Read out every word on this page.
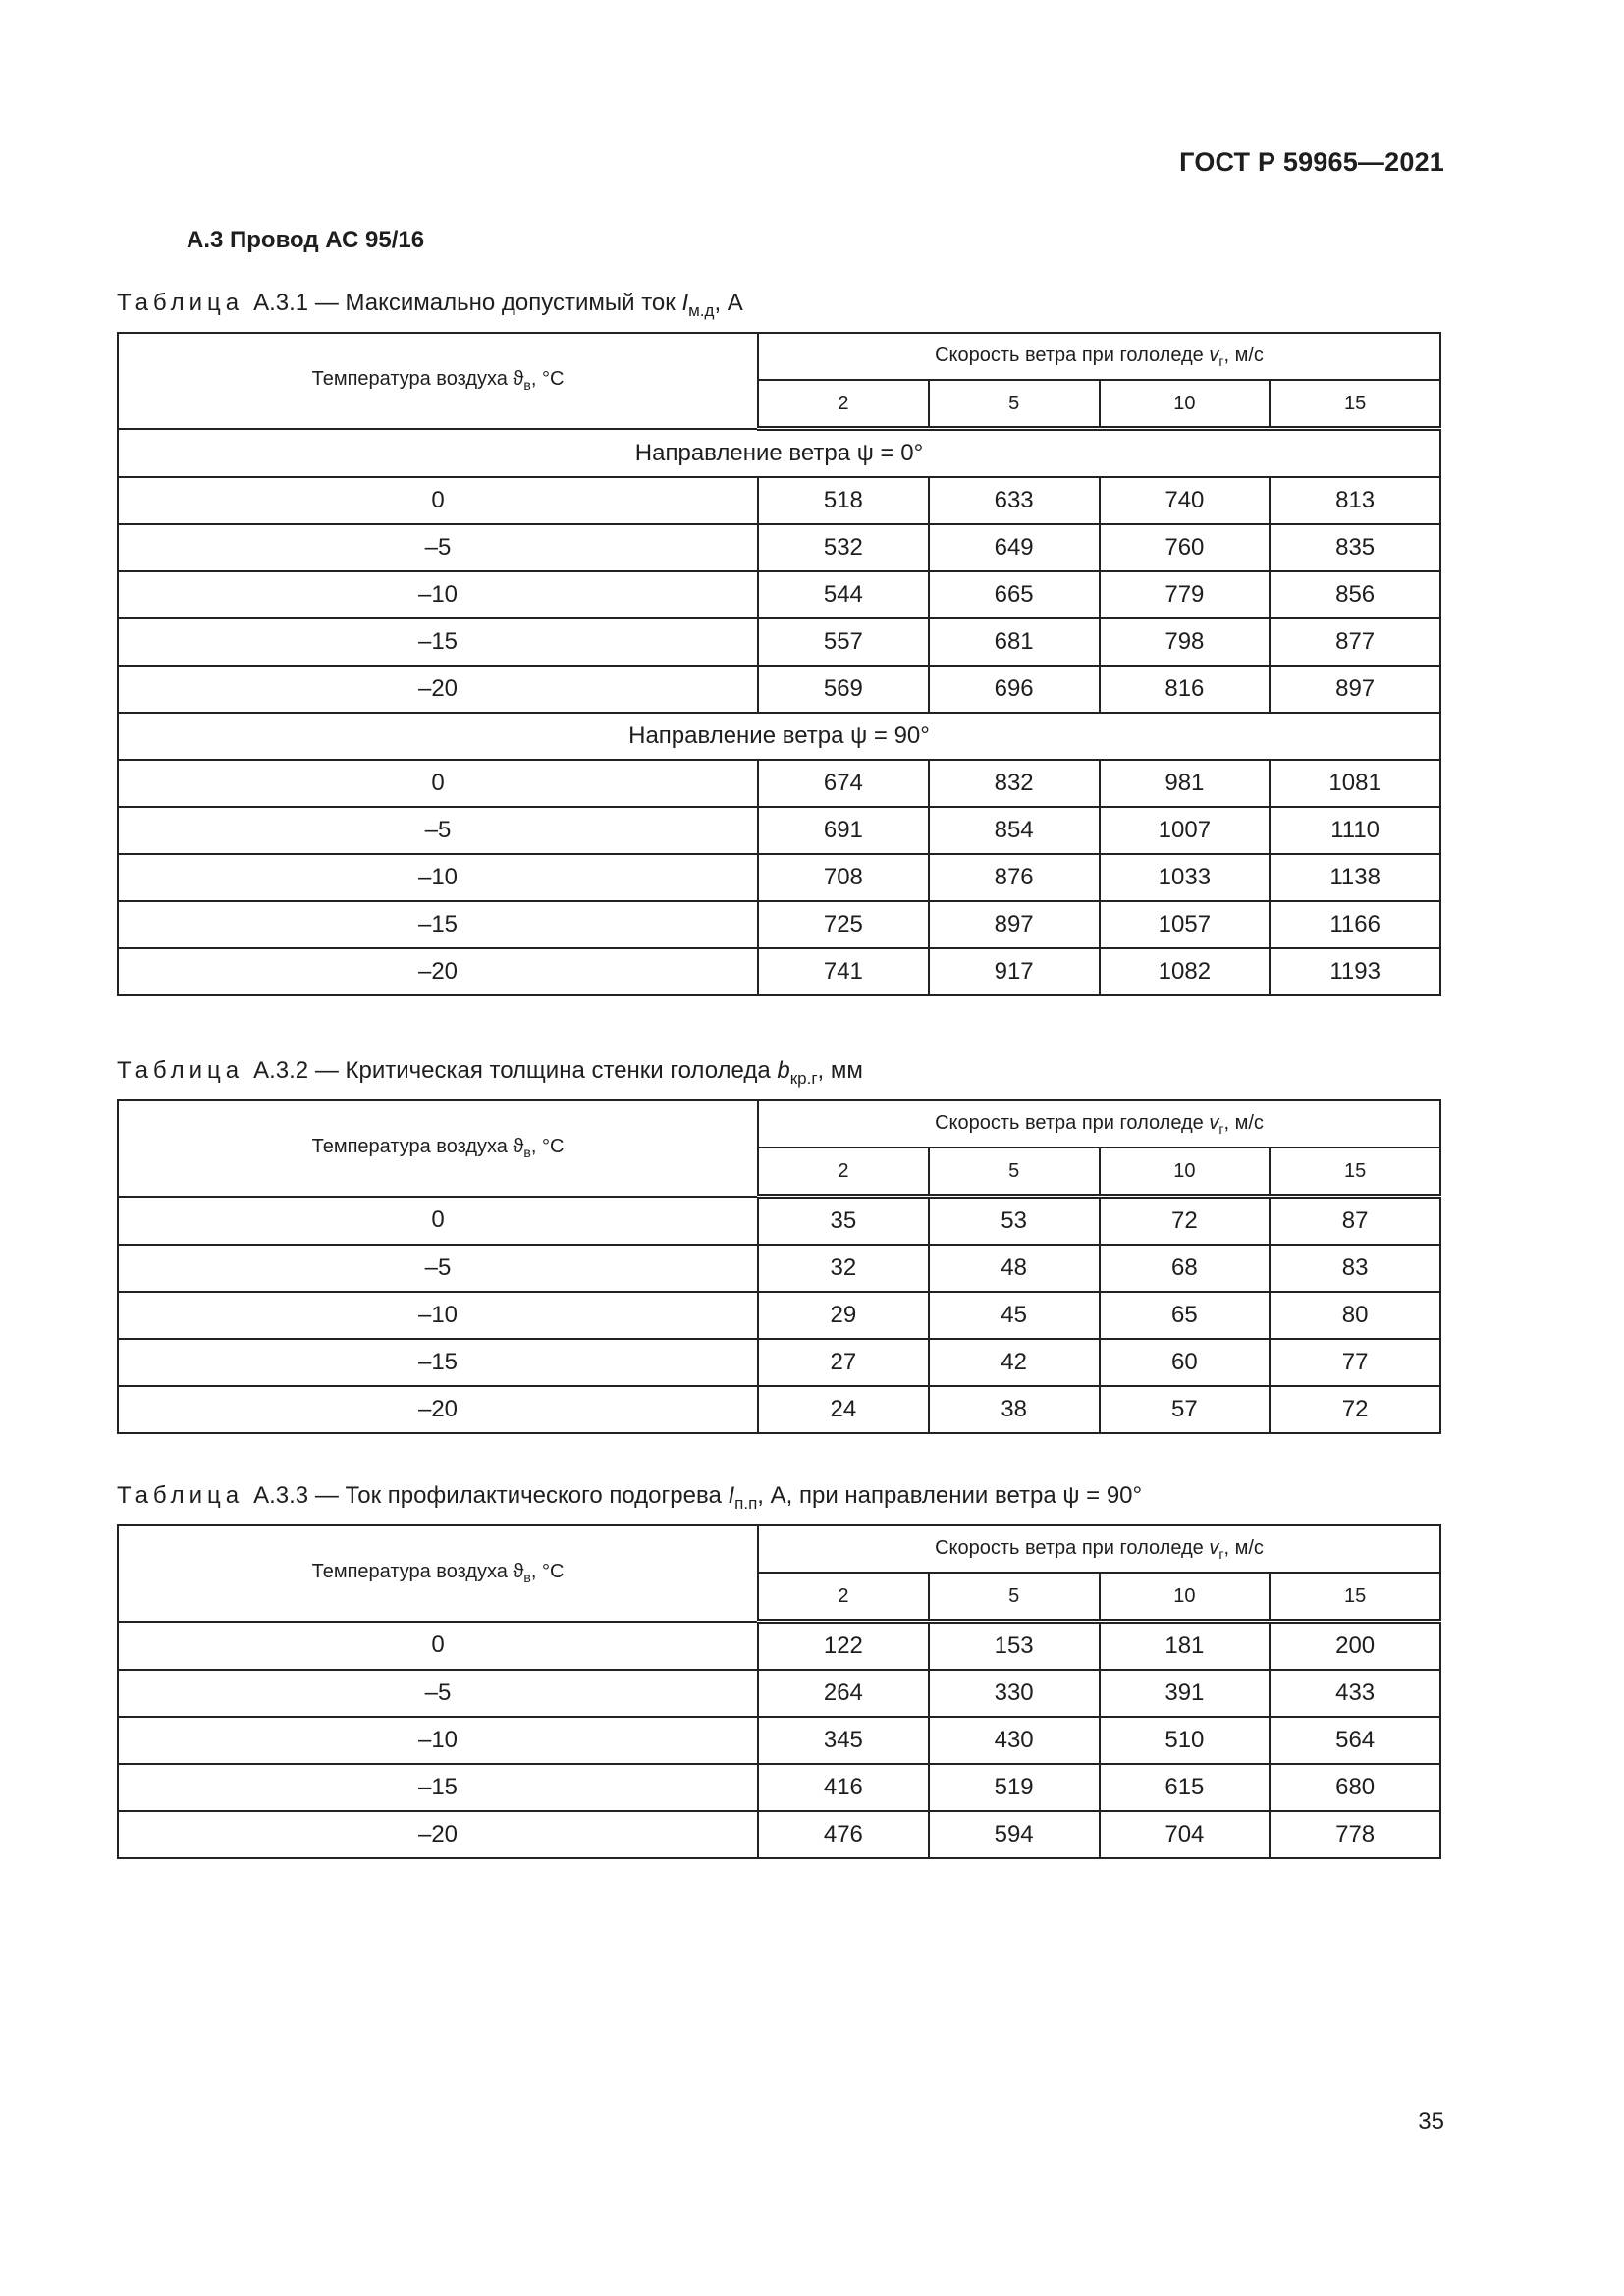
ГОСТ Р 59965—2021
А.3 Провод АС 95/16
Таблица А.3.1 — Максимально допустимый ток $I_{м.д}$, А
Температура воздуха $ϑ_в$, °С	Скорость ветра при гололеде $v_г$, м/с			
	2	5	10	15
Направление ветра ψ = 0°				
0	518	633	740	813
–5	532	649	760	835
–10	544	665	779	856
–15	557	681	798	877
–20	569	696	816	897
Направление ветра ψ = 90°				
0	674	832	981	1081
–5	691	854	1007	1110
–10	708	876	1033	1138
–15	725	897	1057	1166
–20	741	917	1082	1193
Таблица А.3.2 — Критическая толщина стенки гололеда $b_{кр.г}$, мм
Температура воздуха $ϑ_в$, °С	Скорость ветра при гололеде $v_г$, м/с			
	2	5	10	15
0	35	53	72	87
–5	32	48	68	83
–10	29	45	65	80
–15	27	42	60	77
–20	24	38	57	72
Таблица А.3.3 — Ток профилактического подогрева $I_{п.п}$, А, при направлении ветра ψ = 90°
Температура воздуха $ϑ_в$, °С	Скорость ветра при гололеде $v_г$, м/с			
	2	5	10	15
0	122	153	181	200
–5	264	330	391	433
–10	345	430	510	564
–15	416	519	615	680
–20	476	594	704	778
35
